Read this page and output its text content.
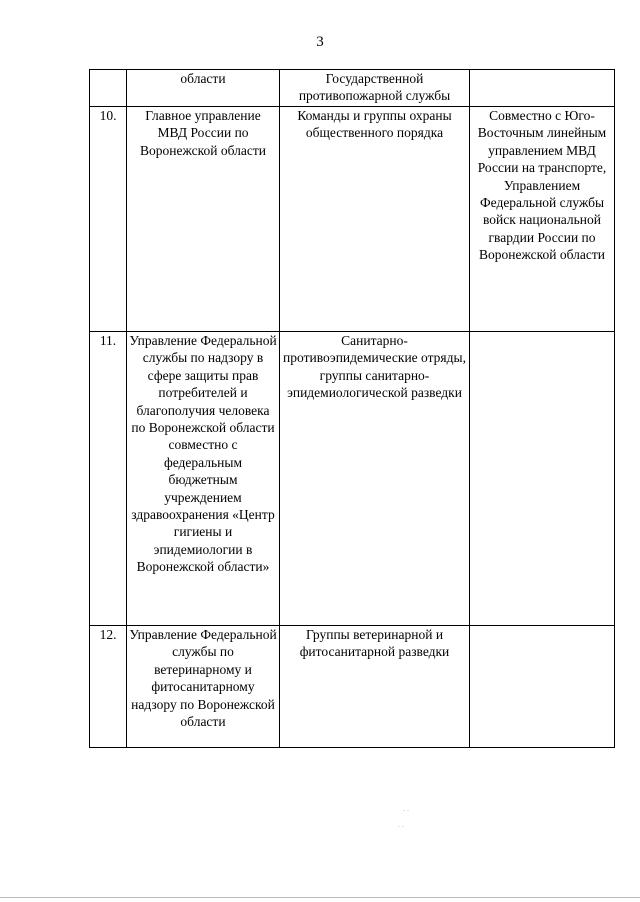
3
	области	Государственной противопожарной службы	
10.	Главное управление МВД России по Воронежской области	Команды и группы охраны общественного порядка	Совместно с Юго-Восточным линейным управлением МВД России на транспорте, Управлением Федеральной службы войск национальной гвардии России по Воронежской области
11.	Управление Федеральной службы по надзору в сфере защиты прав потребителей и благополучия человека по Воронежской области совместно с федеральным бюджетным учреждением здравоохранения «Центр гигиены и эпидемиологии в Воронежской области»	Санитарно-противоэпидемические отряды, группы санитарно-эпидемиологической разведки	
12.	Управление Федеральной службы по ветеринарному и фитосанитарному надзору по Воронежской области	Группы ветеринарной и фитосанитарной разведки	
. .
. .
